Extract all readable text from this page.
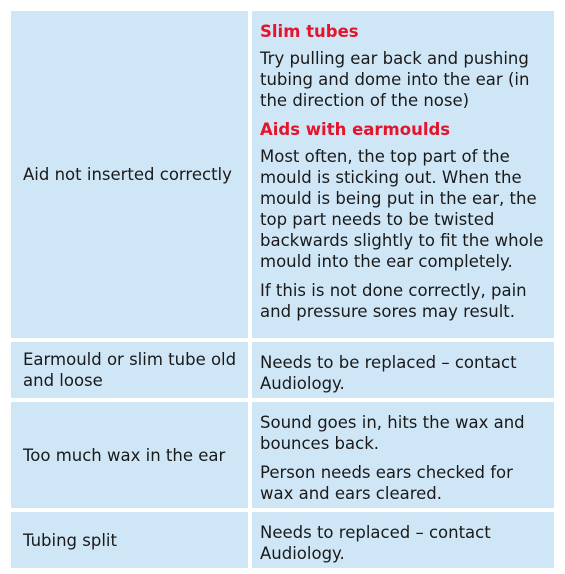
Aid not inserted correctly
Slim tubes
Try pulling ear back and pushing tubing and dome into the ear (in the direction of the nose)
Aids with earmoulds
Most often, the top part of the mould is sticking out. When the mould is being put in the ear, the top part needs to be twisted backwards slightly to fit the whole mould into the ear completely.
If this is not done correctly, pain and pressure sores may result.
Earmould or slim tube old and loose
Needs to be replaced – contact Audiology.
Too much wax in the ear
Sound goes in, hits the wax and bounces back.
Person needs ears checked for wax and ears cleared.
Tubing split	Needs to replaced – contact Audiology.
